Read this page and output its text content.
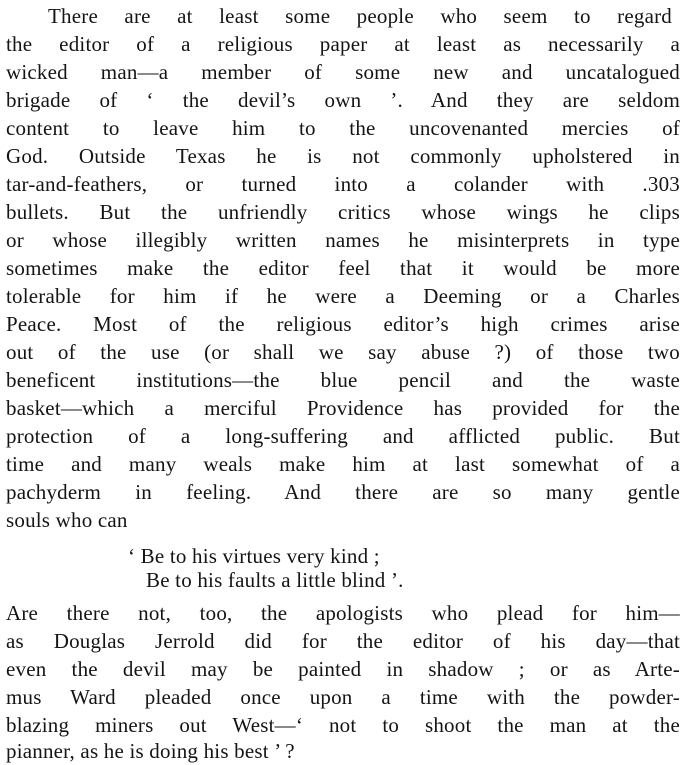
There are at least some people who seem to regard
the editor of a religious paper at least as necessarily a
wicked man—a member of some new and uncatalogued
brigade of ‘ the devil’s own ’. And they are seldom
content to leave him to the uncovenanted mercies of
God. Outside Texas he is not commonly upholstered in
tar-and-feathers, or turned into a colander with .303
bullets. But the unfriendly critics whose wings he clips
or whose illegibly written names he misinterprets in type
sometimes make the editor feel that it would be more
tolerable for him if he were a Deeming or a Charles
Peace. Most of the religious editor’s high crimes arise
out of the use (or shall we say abuse ?) of those two
beneficent institutions—the blue pencil and the waste
basket—which a merciful Providence has provided for the
protection of a long-suffering and afflicted public. But
time and many weals make him at last somewhat of a
pachyderm in feeling. And there are so many gentle
souls who can
‘ Be to his virtues very kind ;
Be to his faults a little blind ’.
Are there not, too, the apologists who plead for him—
as Douglas Jerrold did for the editor of his day—that
even the devil may be painted in shadow ; or as Arte-
mus Ward pleaded once upon a time with the powder-
blazing miners out West—‘ not to shoot the man at the
pianner, as he is doing his best ’ ?
